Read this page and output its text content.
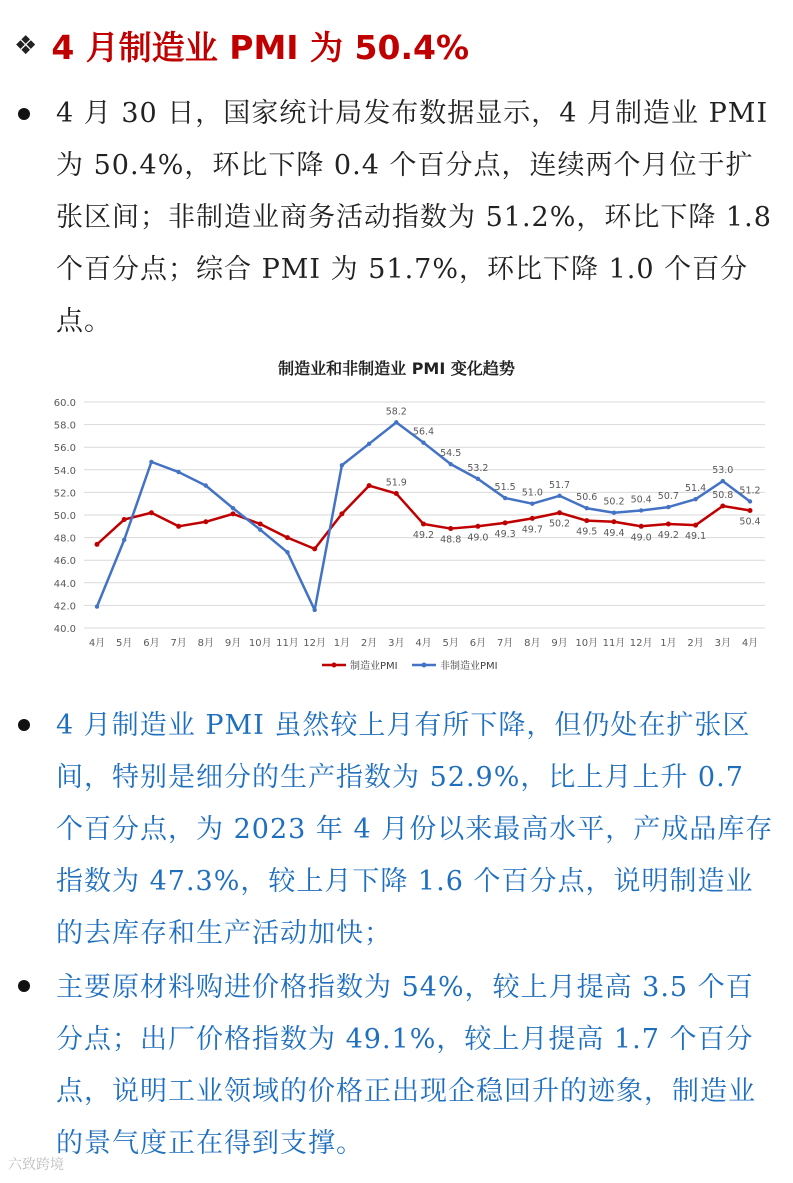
❖ 4 月制造业 PMI 为 50.4%
4 月 30 日，国家统计局发布数据显示，4 月制造业 PMI 为 50.4%，环比下降 0.4 个百分点，连续两个月位于扩张区间；非制造业商务活动指数为 51.2%，环比下降 1.8 个百分点；综合 PMI 为 51.7%，环比下降 1.0 个百分点。
制造业和非制造业 PMI 变化趋势
40.0
42.0
44.0
46.0
48.0
50.0
52.0
54.0
56.0
58.0
60.0
4月 5月 6月 7月 8月 9月 10月 11月 12月 1月 2月 3月 4月 5月 6月 7月 8月 9月 10月 11月 12月 1月 2月 3月 4月
51.9
49.2 48.8 49.0 49.3 49.7
50.2
49.5 49.4 49.0 49.2 49.1
50.8
50.4
58.2
56.4
54.5
53.2
51.5
51.0
51.7
50.6 50.2 50.4 50.7
51.4
53.0
51.2
制造业PMI	非制造业PMI
4 月制造业 PMI 虽然较上月有所下降，但仍处在扩张区间，特别是细分的生产指数为 52.9%，比上月上升 0.7 个百分点，为 2023 年 4 月份以来最高水平，产成品库存指数为 47.3%，较上月下降 1.6 个百分点，说明制造业的去库存和生产活动加快；
主要原材料购进价格指数为 54%，较上月提高 3.5 个百分点；出厂价格指数为 49.1%，较上月提高 1.7 个百分点，说明工业领域的价格正出现企稳回升的迹象，制造业的景气度正在得到支撑。
六致跨境
